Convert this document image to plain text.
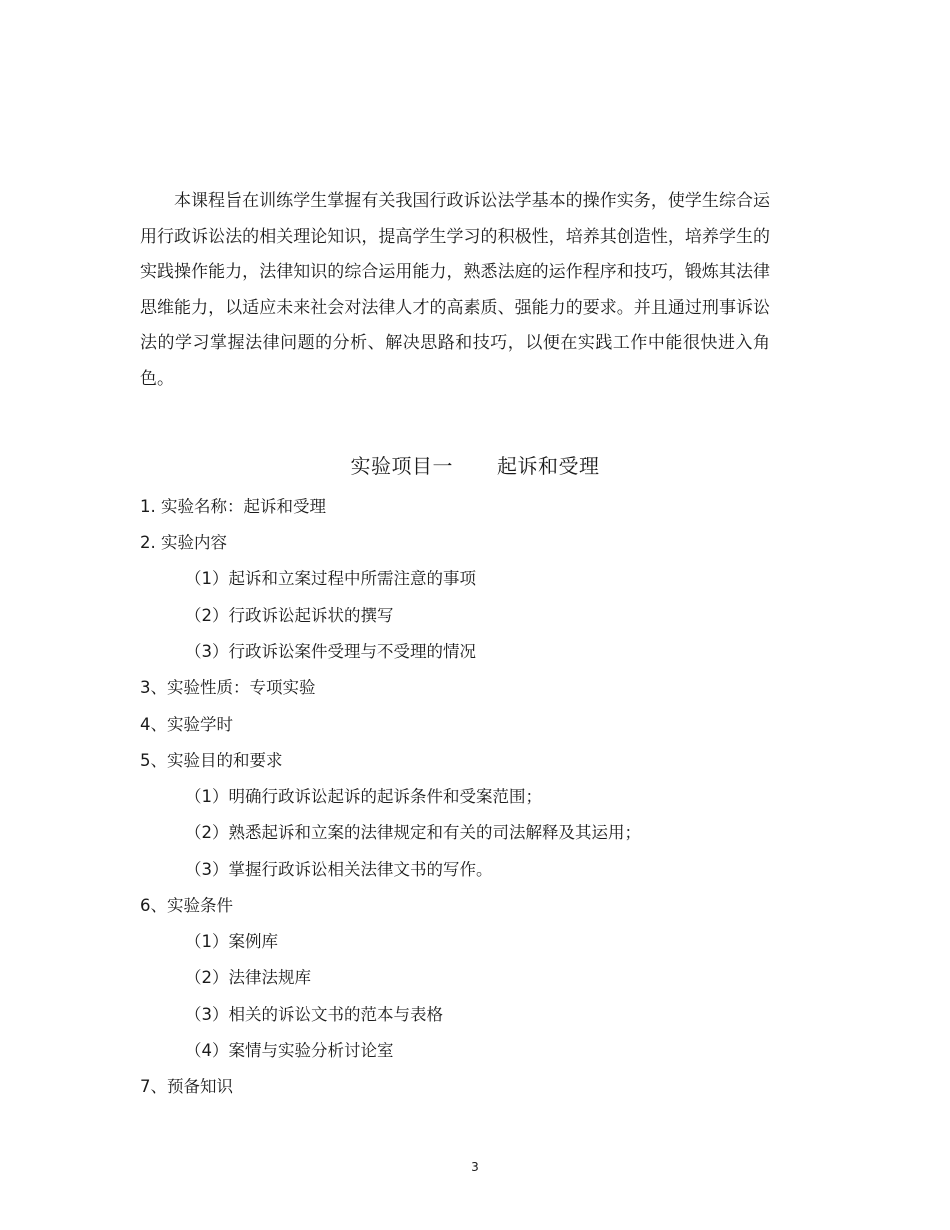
本课程旨在训练学生掌握有关我国行政诉讼法学基本的操作实务，使学生综合运用行政诉讼法的相关理论知识，提高学生学习的积极性，培养其创造性，培养学生的实践操作能力，法律知识的综合运用能力，熟悉法庭的运作程序和技巧，锻炼其法律思维能力，以适应未来社会对法律人才的高素质、强能力的要求。并且通过刑事诉讼法的学习掌握法律问题的分析、解决思路和技巧，以便在实践工作中能很快进入角色。

实验项目一 起诉和受理
1. 实验名称：起诉和受理
2. 实验内容
（1）起诉和立案过程中所需注意的事项
（2）行政诉讼起诉状的撰写
（3）行政诉讼案件受理与不受理的情况
3、实验性质：专项实验
4、实验学时
5、实验目的和要求
（1）明确行政诉讼起诉的起诉条件和受案范围；
（2）熟悉起诉和立案的法律规定和有关的司法解释及其运用；
（3）掌握行政诉讼相关法律文书的写作。
6、实验条件
（1）案例库
（2）法律法规库
（3）相关的诉讼文书的范本与表格
（4）案情与实验分析讨论室
7、预备知识
3
